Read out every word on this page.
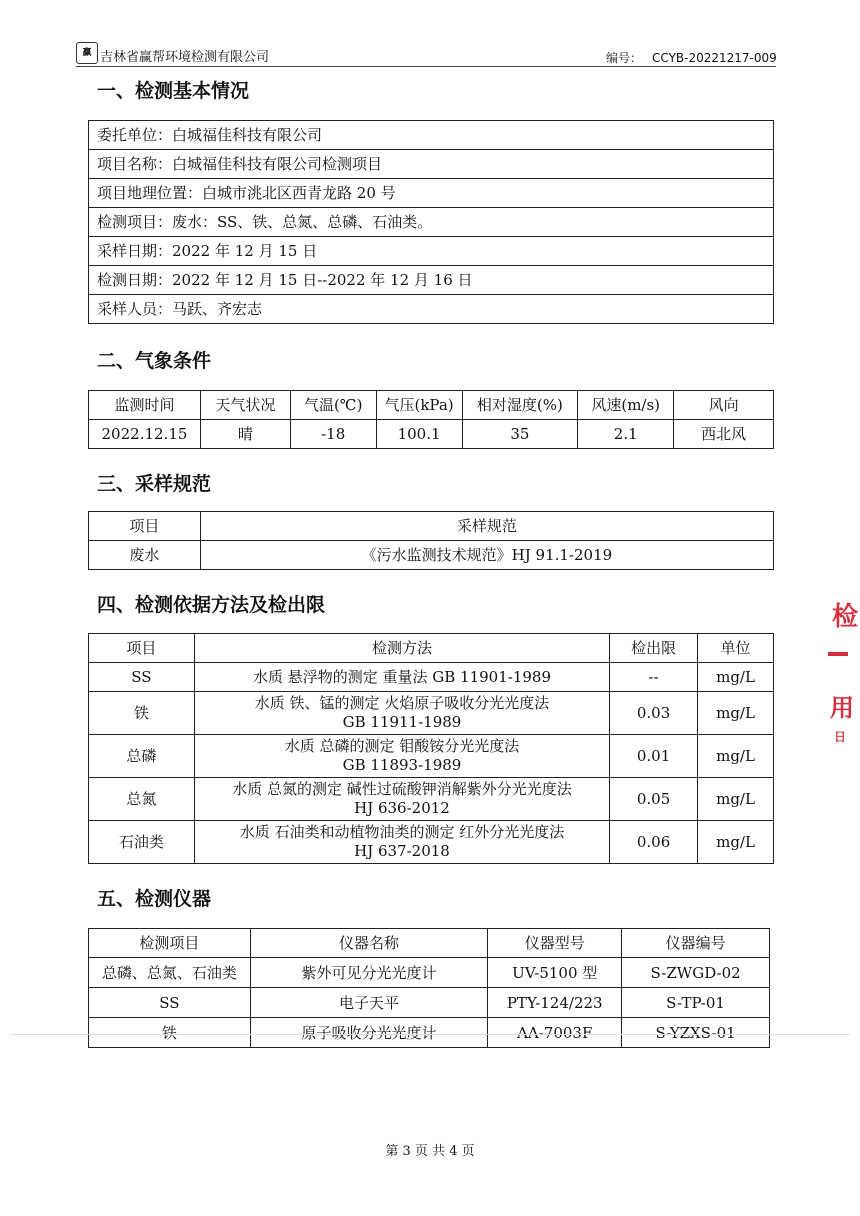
赢 吉林省赢帮环境检测有限公司	编号： CCYB-20221217-009
一、检测基本情况
委托单位：白城福佳科技有限公司
项目名称：白城福佳科技有限公司检测项目
项目地理位置：白城市洮北区西青龙路 20 号
检测项目：废水：SS、铁、总氮、总磷、石油类。
采样日期：2022 年 12 月 15 日
检测日期：2022 年 12 月 15 日--2022 年 12 月 16 日
采样人员：马跃、齐宏志
二、气象条件
监测时间	天气状况	气温(℃)	气压(kPa)	相对湿度(%)	风速(m/s)	风向
2022.12.15	晴	-18	100.1	35	2.1	西北风
三、采样规范
项目	采样规范
废水	《污水监测技术规范》HJ 91.1-2019
四、检测依据方法及检出限
项目	检测方法	检出限	单位
SS	水质 悬浮物的测定 重量法 GB 11901-1989	--	mg/L
铁	水质 铁、锰的测定 火焰原子吸收分光光度法
GB 11911-1989	0.03	mg/L
总磷	水质 总磷的测定 钼酸铵分光光度法
GB 11893-1989	0.01	mg/L
总氮	水质 总氮的测定 碱性过硫酸钾消解紫外分光光度法
HJ 636-2012	0.05	mg/L
石油类	水质 石油类和动植物油类的测定 红外分光光度法
HJ 637-2018	0.06	mg/L
五、检测仪器
检测项目	仪器名称	仪器型号	仪器编号
总磷、总氮、石油类	紫外可见分光光度计	UV-5100 型	S-ZWGD-02
SS	电子天平	PTY-124/223	S-TP-01
铁	原子吸收分光光度计	AA-7003F	S-YZXS-01
检
用
日
第 3 页 共 4 页
